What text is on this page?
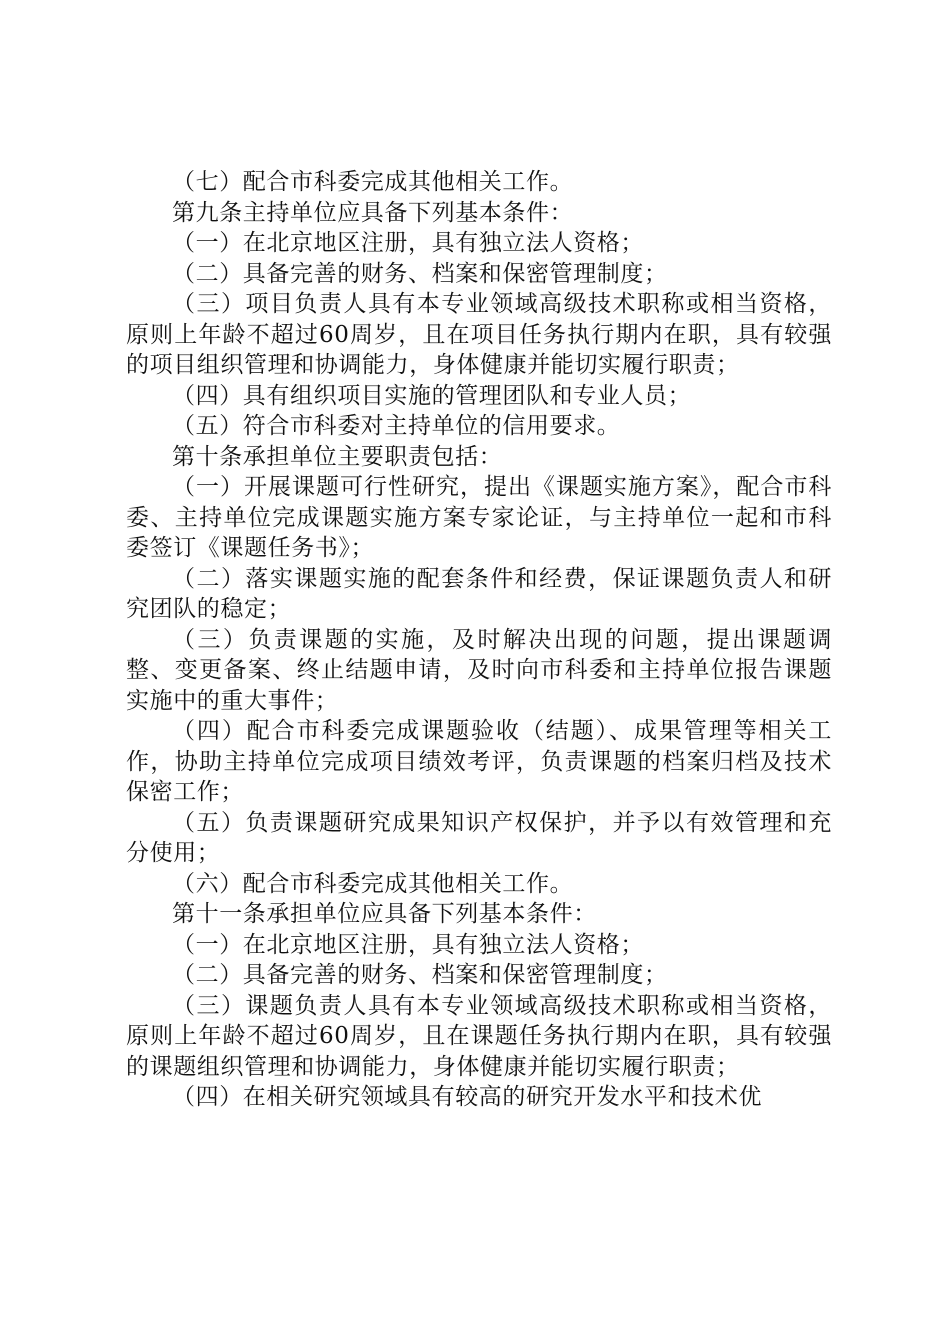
（七）配合市科委完成其他相关工作。

第九条主持单位应具备下列基本条件：

（一）在北京地区注册，具有独立法人资格；

（二）具备完善的财务、档案和保密管理制度；

（三）项目负责人具有本专业领域高级技术职称或相当资格，原则上年龄不超过60周岁，且在项目任务执行期内在职，具有较强的项目组织管理和协调能力，身体健康并能切实履行职责；

（四）具有组织项目实施的管理团队和专业人员；

（五）符合市科委对主持单位的信用要求。

第十条承担单位主要职责包括：

（一）开展课题可行性研究，提出《课题实施方案》，配合市科委、主持单位完成课题实施方案专家论证，与主持单位一起和市科委签订《课题任务书》；

（二）落实课题实施的配套条件和经费，保证课题负责人和研究团队的稳定；

（三）负责课题的实施，及时解决出现的问题，提出课题调整、变更备案、终止结题申请，及时向市科委和主持单位报告课题实施中的重大事件；

（四）配合市科委完成课题验收（结题）、成果管理等相关工作，协助主持单位完成项目绩效考评，负责课题的档案归档及技术保密工作；

（五）负责课题研究成果知识产权保护，并予以有效管理和充分使用；

（六）配合市科委完成其他相关工作。

第十一条承担单位应具备下列基本条件：

（一）在北京地区注册，具有独立法人资格；

（二）具备完善的财务、档案和保密管理制度；

（三）课题负责人具有本专业领域高级技术职称或相当资格，原则上年龄不超过60周岁，且在课题任务执行期内在职，具有较强的课题组织管理和协调能力，身体健康并能切实履行职责；

（四）在相关研究领域具有较高的研究开发水平和技术优
